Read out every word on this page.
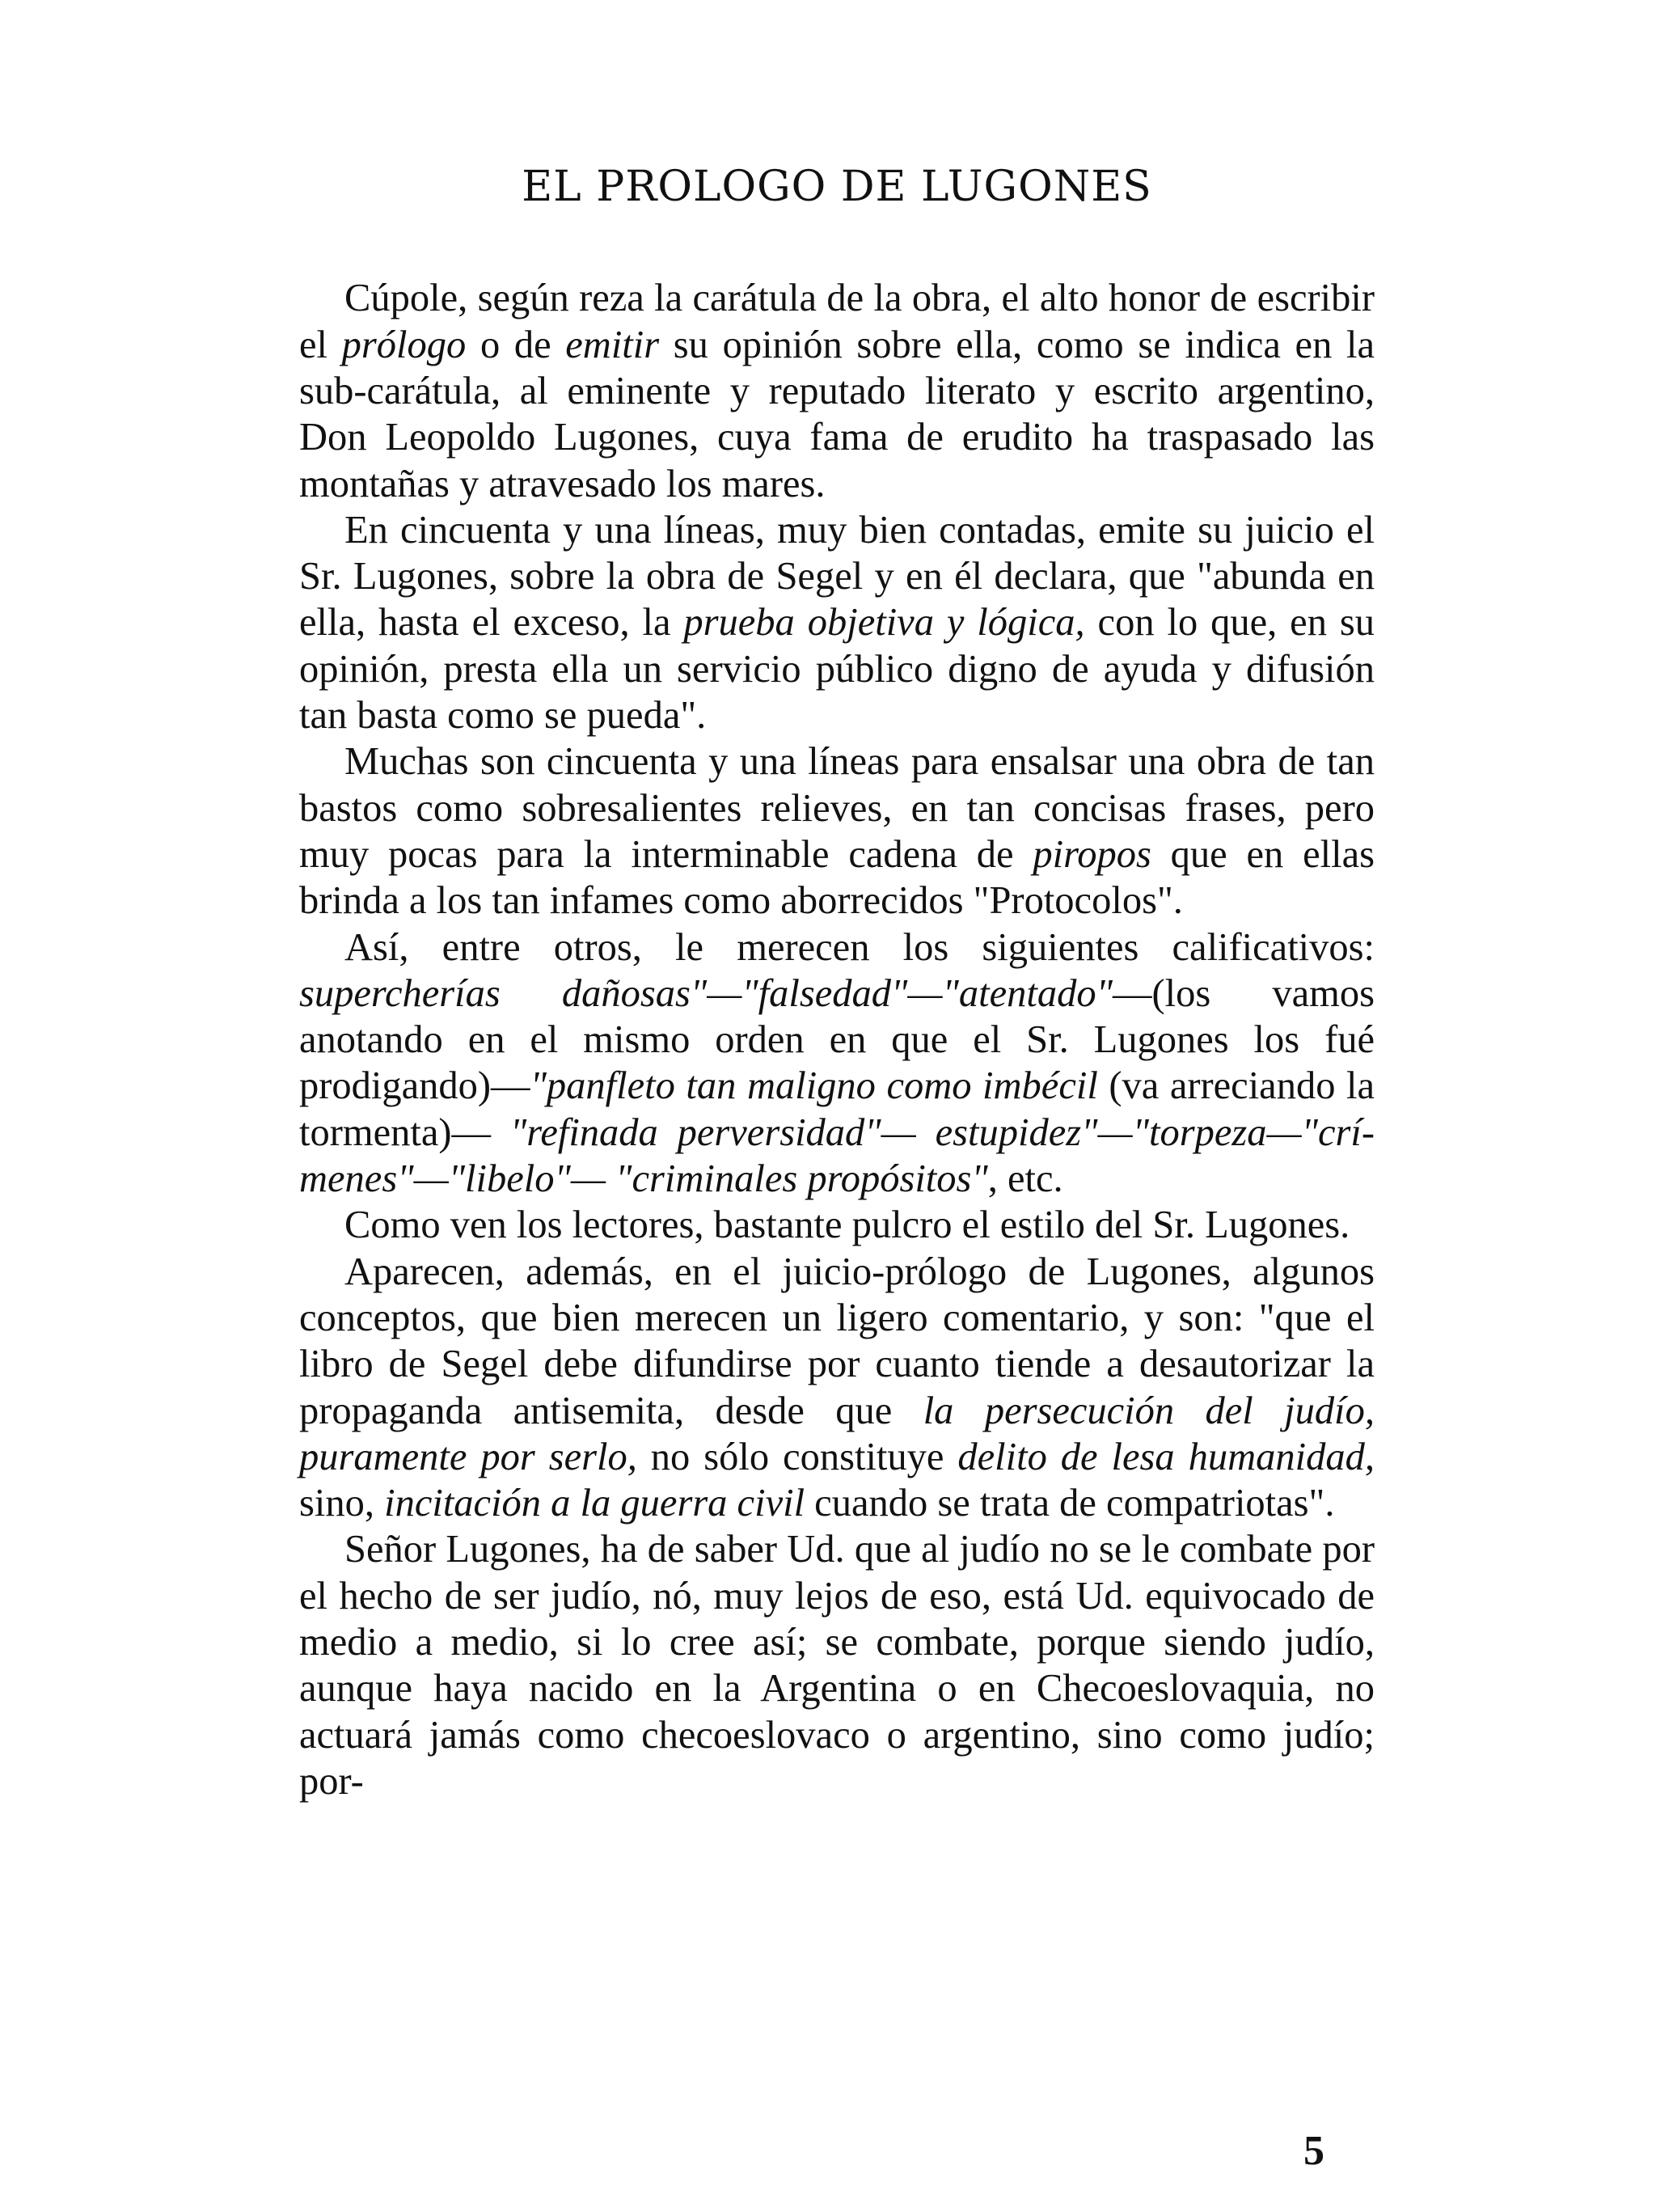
EL PROLOGO DE LUGONES

Cúpole, según reza la carátula de la obra, el alto honor de escribir el prólogo o de emitir su opinión sobre ella, como se indica en la sub-carátula, al eminente y reputado literato y escrito argentino, Don Leopoldo Lugones, cuya fama de erudito ha traspasado las montañas y atravesado los mares.

En cincuenta y una líneas, muy bien contadas, emite su juicio el Sr. Lugones, sobre la obra de Segel y en él declara, que "abunda en ella, hasta el exceso, la prueba objetiva y lógica, con lo que, en su opinión, presta ella un servicio público digno de ayuda y difusión tan basta como se pueda".

Muchas son cincuenta y una líneas para ensalsar una obra de tan bastos como sobresalientes relieves, en tan concisas frases, pero muy pocas para la interminable cadena de piropos que en ellas brinda a los tan infames como aborrecidos "Protocolos".

Así, entre otros, le merecen los siguientes calificativos: supercherías dañosas"—"falsedad"—"atentado"—(los vamos anotando en el mismo orden en que el Sr. Lugones los fué prodigando)—"panfleto tan maligno como imbécil (va arreciando la tormenta)— "refinada perversidad"— estupidez"—"torpeza—"crímenes"—"libelo"— "criminales propósitos", etc.

Como ven los lectores, bastante pulcro el estilo del Sr. Lugones.

Aparecen, además, en el juicio-prólogo de Lugones, algunos conceptos, que bien merecen un ligero comentario, y son: "que el libro de Segel debe difundirse por cuanto tiende a desautorizar la propaganda antisemita, desde que la persecución del judío, puramente por serlo, no sólo constituye delito de lesa humanidad, sino, incitación a la guerra civil cuando se trata de compatriotas".

Señor Lugones, ha de saber Ud. que al judío no se le combate por el hecho de ser judío, nó, muy lejos de eso, está Ud. equivocado de medio a medio, si lo cree así; se combate, porque siendo judío, aunque haya nacido en la Argentina o en Checoeslovaquia, no actuará jamás como checoeslovaco o argentino, sino como judío; por-

5
